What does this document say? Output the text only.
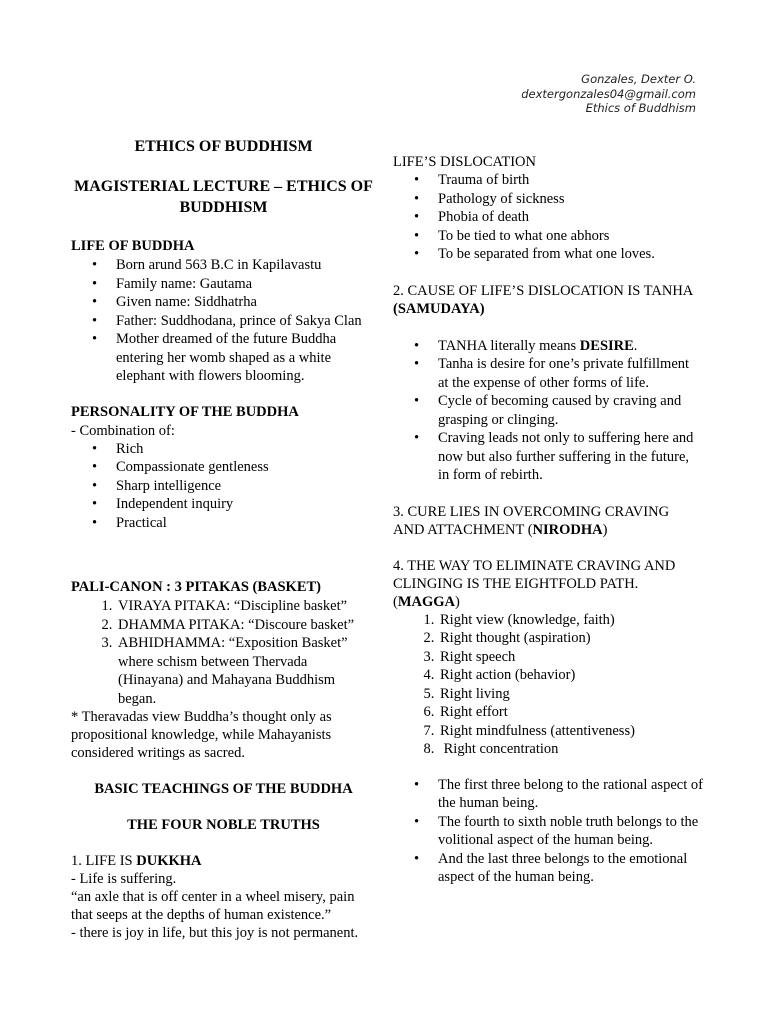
Gonzales, Dexter O.
dextergonzales04@gmail.com
Ethics of Buddhism

ETHICS OF BUDDHISM

MAGISTERIAL LECTURE – ETHICS OF BUDDHISM

LIFE OF BUDDHA

• Born arund 563 B.C in Kapilavastu
• Family name: Gautama
• Given name: Siddhatrha
• Father: Suddhodana, prince of Sakya Clan
• Mother dreamed of the future Buddha entering her womb shaped as a white elephant with flowers blooming.

PERSONALITY OF THE BUDDHA

- Combination of:

• Rich
• Compassionate gentleness
• Sharp intelligence
• Independent inquiry
• Practical

PALI-CANON : 3 PITAKAS (BASKET)

1. VIRAYA PITAKA: “Discipline basket”
2. DHAMMA PITAKA: “Discoure basket”
3. ABHIDHAMMA: “Exposition Basket” where schism between Thervada (Hinayana) and Mahayana Buddhism began.

* Theravadas view Buddha’s thought only as propositional knowledge, while Mahayanists considered writings as sacred.

BASIC TEACHINGS OF THE BUDDHA

THE FOUR NOBLE TRUTHS

1. LIFE IS DUKKHA

- Life is suffering.

“an axle that is off center in a wheel misery, pain that seeps at the depths of human existence.”

- there is joy in life, but this joy is not permanent.

LIFE’S DISLOCATION

• Trauma of birth
• Pathology of sickness
• Phobia of death
• To be tied to what one abhors
• To be separated from what one loves.

2. CAUSE OF LIFE’S DISLOCATION IS TANHA (SAMUDAYA)

• TANHA literally means DESIRE.
• Tanha is desire for one’s private fulfillment at the expense of other forms of life.
• Cycle of becoming caused by craving and grasping or clinging.
• Craving leads not only to suffering here and now but also further suffering in the future, in form of rebirth.

3. CURE LIES IN OVERCOMING CRAVING AND ATTACHMENT (NIRODHA)

4. THE WAY TO ELIMINATE CRAVING AND CLINGING IS THE EIGHTFOLD PATH. (MAGGA)

1. Right view (knowledge, faith)
2. Right thought (aspiration)
3. Right speech
4. Right action (behavior)
5. Right living
6. Right effort
7. Right mindfulness (attentiveness)
8.  Right concentration
• The first three belong to the rational aspect of the human being.
• The fourth to sixth noble truth belongs to the volitional aspect of the human being.
• And the last three belongs to the emotional aspect of the human being.
